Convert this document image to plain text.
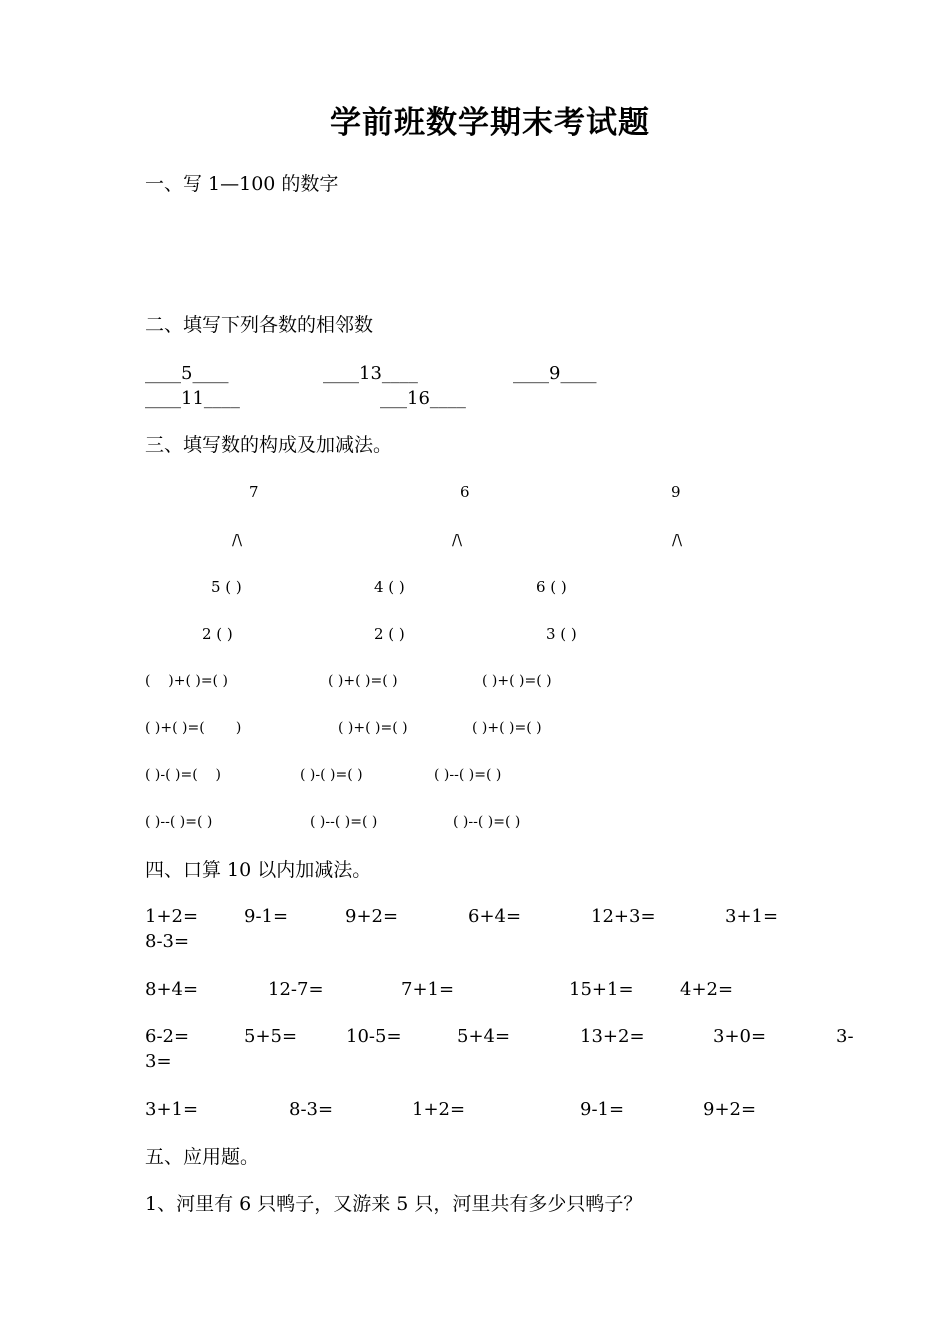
学前班数学期末考试题
一、写 1—100 的数字
二、填写下列各数的相邻数
____5____	____13____	____9____
____11____	___16____
三、填写数的构成及加减法。
7	6	9
/\	/\	/\
5 ( )	4 ( )	6 ( )
2 ( )	2 ( )	3 ( )
(    )+( )=( )	( )+( )=( )	( )+( )=( )
( )+( )=(       )	( )+( )=( )	( )+( )=( )
( )-( )=(    )	( )-( )=( )	( )--( )=( )
( )--( )=( )	( )--( )=( )	( )--( )=( )
四、口算 10 以内加减法。
1+2=	9-1=	9+2=	6+4=	12+3=	3+1=
8-3=
8+4=	12-7=	7+1=	15+1=	4+2=
6-2=	5+5=	10-5=	5+4=	13+2=	3+0=	3-
3=
3+1=	8-3=	1+2=	9-1=	9+2=
五、应用题。
1、河里有 6 只鸭子，又游来 5 只，河里共有多少只鸭子？
